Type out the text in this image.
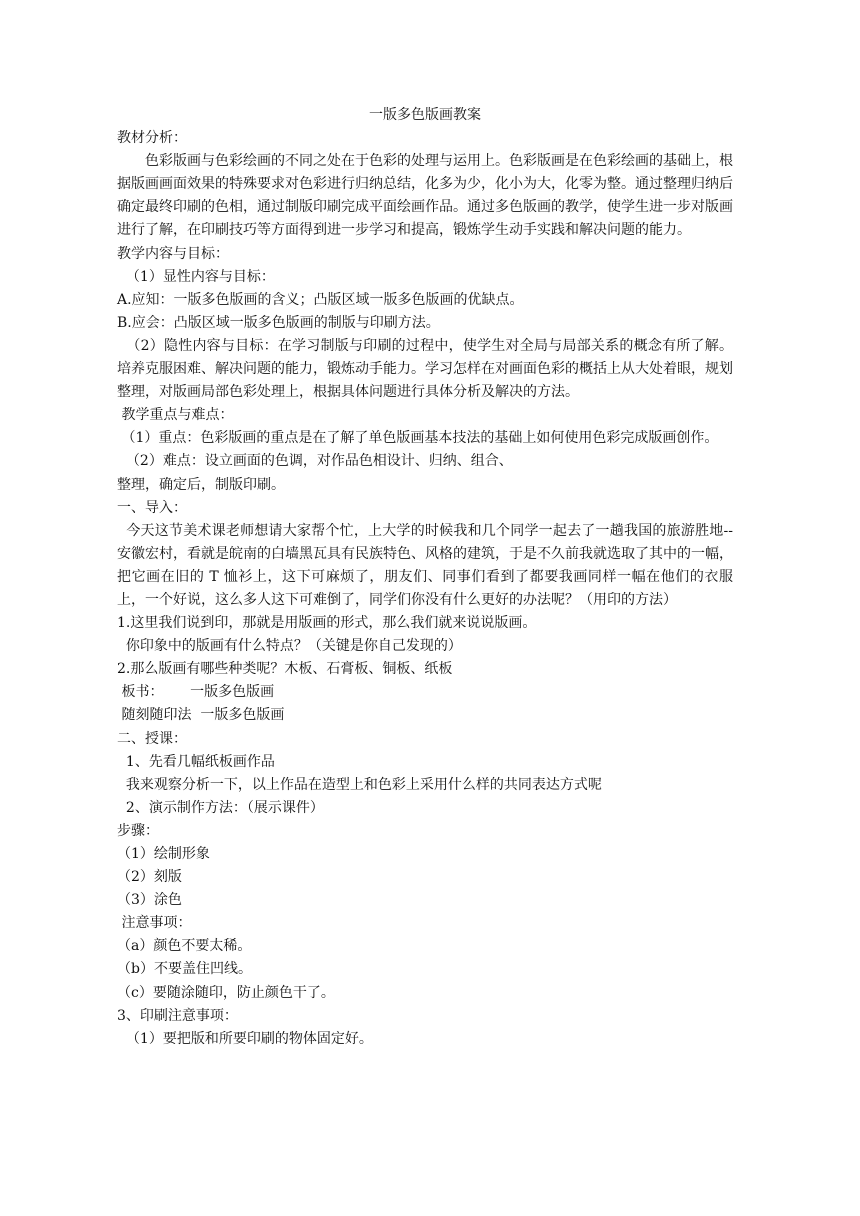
一版多色版画教案

教材分析：

色彩版画与色彩绘画的不同之处在于色彩的处理与运用上。色彩版画是在色彩绘画的基础上，根据版画画面效果的特殊要求对色彩进行归纳总结，化多为少，化小为大，化零为整。通过整理归纳后确定最终印刷的色相，通过制版印刷完成平面绘画作品。通过多色版画的教学，使学生进一步对版画进行了解，在印刷技巧等方面得到进一步学习和提高，锻炼学生动手实践和解决问题的能力。

教学内容与目标：

（1）显性内容与目标：

A.应知：一版多色版画的含义；凸版区域一版多色版画的优缺点。

B.应会：凸版区域一版多色版画的制版与印刷方法。

（2）隐性内容与目标：在学习制版与印刷的过程中，使学生对全局与局部关系的概念有所了解。培养克服困难、解决问题的能力，锻炼动手能力。学习怎样在对画面色彩的概括上从大处着眼，规划整理，对版画局部色彩处理上，根据具体问题进行具体分析及解决的方法。

教学重点与难点：

（1）重点：色彩版画的重点是在了解了单色版画基本技法的基础上如何使用色彩完成版画创作。

（2）难点：设立画面的色调，对作品色相设计、归纳、组合、

整理，确定后，制版印刷。

一、导入：

今天这节美术课老师想请大家帮个忙，上大学的时候我和几个同学一起去了一趟我国的旅游胜地--安徽宏村，看就是皖南的白墙黑瓦具有民族特色、风格的建筑，于是不久前我就选取了其中的一幅，把它画在旧的 T 恤衫上，这下可麻烦了，朋友们、同事们看到了都要我画同样一幅在他们的衣服上，一个好说，这么多人这下可难倒了，同学们你没有什么更好的办法呢？（用印的方法）

1.这里我们说到印，那就是用版画的形式，那么我们就来说说版画。

你印象中的版画有什么特点？（关键是你自己发现的）

2.那么版画有哪些种类呢？木板、石膏板、铜板、纸板

板书：      一版多色版画

随刻随印法  一版多色版画

二、授课：

1、先看几幅纸板画作品

我来观察分析一下，以上作品在造型上和色彩上采用什么样的共同表达方式呢

2、演示制作方法：（展示课件）

步骤：

（1）绘制形象

（2）刻版

（3）涂色

注意事项：

（a）颜色不要太稀。

（b）不要盖住凹线。

（c）要随涂随印，防止颜色干了。

3、印刷注意事项：

（1）要把版和所要印刷的物体固定好。
